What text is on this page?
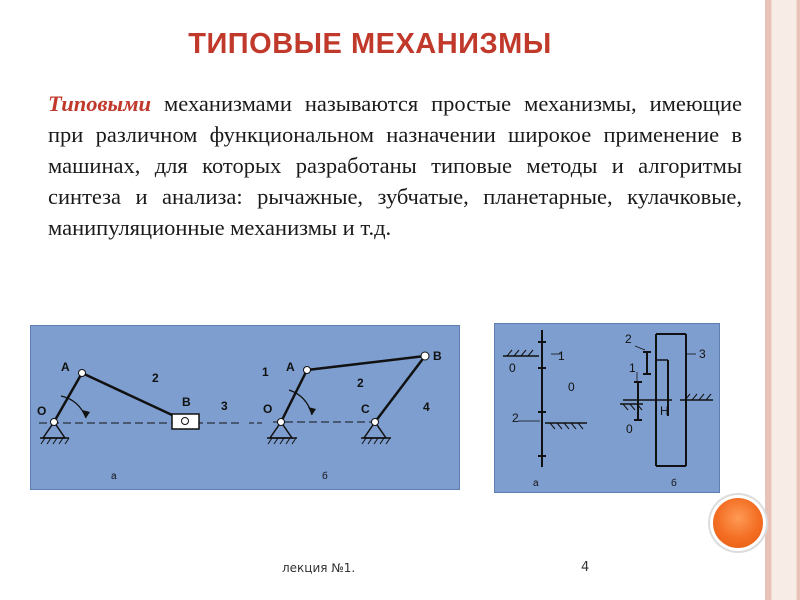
ТИПОВЫЕ МЕХАНИЗМЫ
Типовыми механизмами называются простые механизмы, имеющие при различном функциональном назначении широкое применение в машинах, для которых разработаны типовые методы и алгоритмы синтеза и анализа: рычажные, зубчатые, планетарные, кулачковые, манипуляционные механизмы и т.д.
A
2
B	3
O
а
1 A
2
B
O	C	4
б
1
0
0
2
а
2
3
1
H
0
б
лекция №1.	4
